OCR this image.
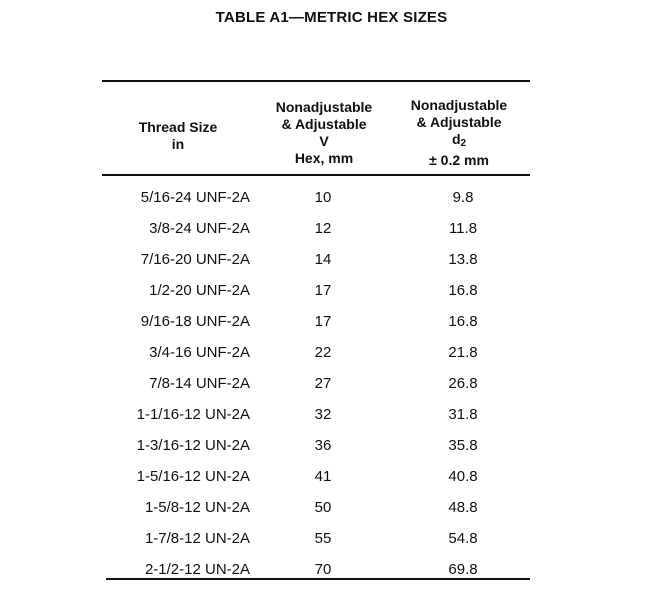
TABLE A1—METRIC HEX SIZES
Thread Size
in
Nonadjustable
& Adjustable
V
Hex, mm
Nonadjustable
& Adjustable
$d_2$
± 0.2 mm
5/16-24 UNF-2A	10	9.8
3/8-24 UNF-2A	12	11.8
7/16-20 UNF-2A	14	13.8
1/2-20 UNF-2A	17	16.8
9/16-18 UNF-2A	17	16.8
3/4-16 UNF-2A	22	21.8
7/8-14 UNF-2A	27	26.8
1-1/16-12 UN-2A	32	31.8
1-3/16-12 UN-2A	36	35.8
1-5/16-12 UN-2A	41	40.8
1-5/8-12 UN-2A	50	48.8
1-7/8-12 UN-2A	55	54.8
2-1/2-12 UN-2A	70	69.8
